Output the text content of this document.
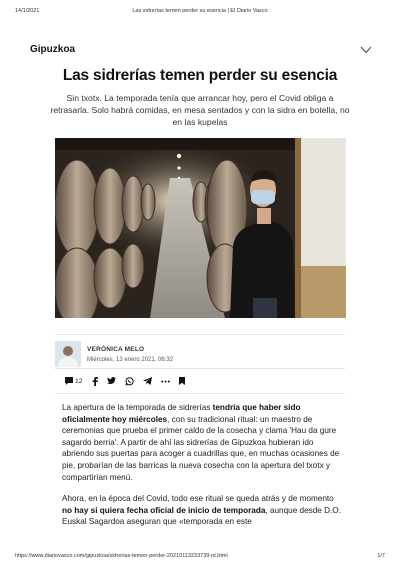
14/1/2021	Las sidrerías temen perder su esencia | El Diario Vasco
Gipuzkoa
Las sidrerías temen perder su esencia
Sin txotx. La temporada tenía que arrancar hoy, pero el Covid obliga a retrasarla. Solo habrá comidas, en mesa sentados y con la sidra en botella, no en las kupelas
VERÓNICA MELO
Miércoles, 13 enero 2021, 06:32
12

La apertura de la temporada de sidrerías tendría que haber sido oficialmente hoy miércoles, con su tradicional ritual: un maestro de ceremonias que prueba el primer caldo de la cosecha y clama 'Hau da gure sagardo berria'. A partir de ahí las sidrerías de Gipuzkoa hubieran ido abriendo sus puertas para acoger a cuadrillas que, en muchas ocasiones de pie, probarían de las barricas la nueva cosecha con la apertura del txotx y compartirían menú.

Ahora, en la época del Covid, todo ese ritual se queda atrás y de momento no hay si quiera fecha oficial de inicio de temporada, aunque desde D.O. Euskal Sagardoa aseguran que «temporada en este

https://www.diariovasco.com/gipuzkoa/sidrerias-temen-perder-20210113233739-nt.html	1/7
